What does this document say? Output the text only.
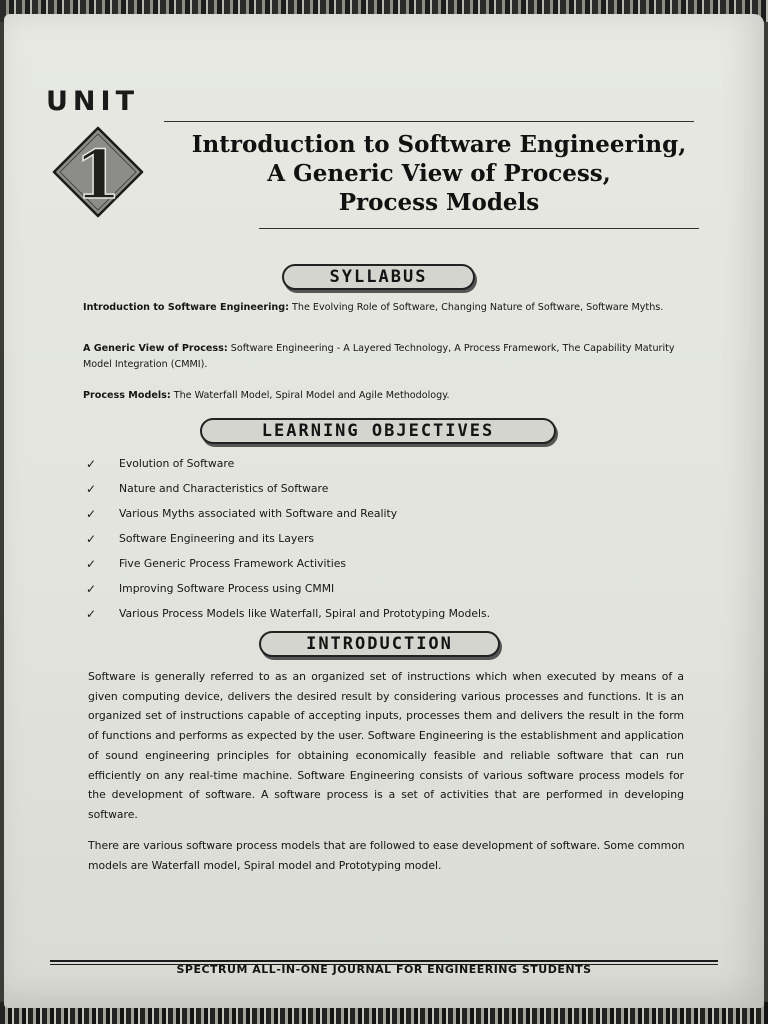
UNIT
1	Introduction to Software Engineering,
A Generic View of Process,
Process Models
SYLLABUS
Introduction to Software Engineering: The Evolving Role of Software, Changing Nature of Software, Software Myths.
A Generic View of Process: Software Engineering - A Layered Technology, A Process Framework, The Capability Maturity Model Integration (CMMI).
Process Models: The Waterfall Model, Spiral Model and Agile Methodology.
LEARNING OBJECTIVES
✓	Evolution of Software
✓	Nature and Characteristics of Software
✓	Various Myths associated with Software and Reality
✓	Software Engineering and its Layers
✓	Five Generic Process Framework Activities
✓	Improving Software Process using CMMI
✓	Various Process Models like Waterfall, Spiral and Prototyping Models.
INTRODUCTION

Software is generally referred to as an organized set of instructions which when executed by means of a given computing device, delivers the desired result by considering various processes and functions. It is an organized set of instructions capable of accepting inputs, processes them and delivers the result in the form of functions and performs as expected by the user. Software Engineering is the establishment and application of sound engineering principles for obtaining economically feasible and reliable software that can run efficiently on any real-time machine. Software Engineering consists of various software process models for the development of software. A software process is a set of activities that are performed in developing software.

There are various software process models that are followed to ease development of software. Some common models are Waterfall model, Spiral model and Prototyping model.

SPECTRUM ALL-IN-ONE JOURNAL FOR ENGINEERING STUDENTS
